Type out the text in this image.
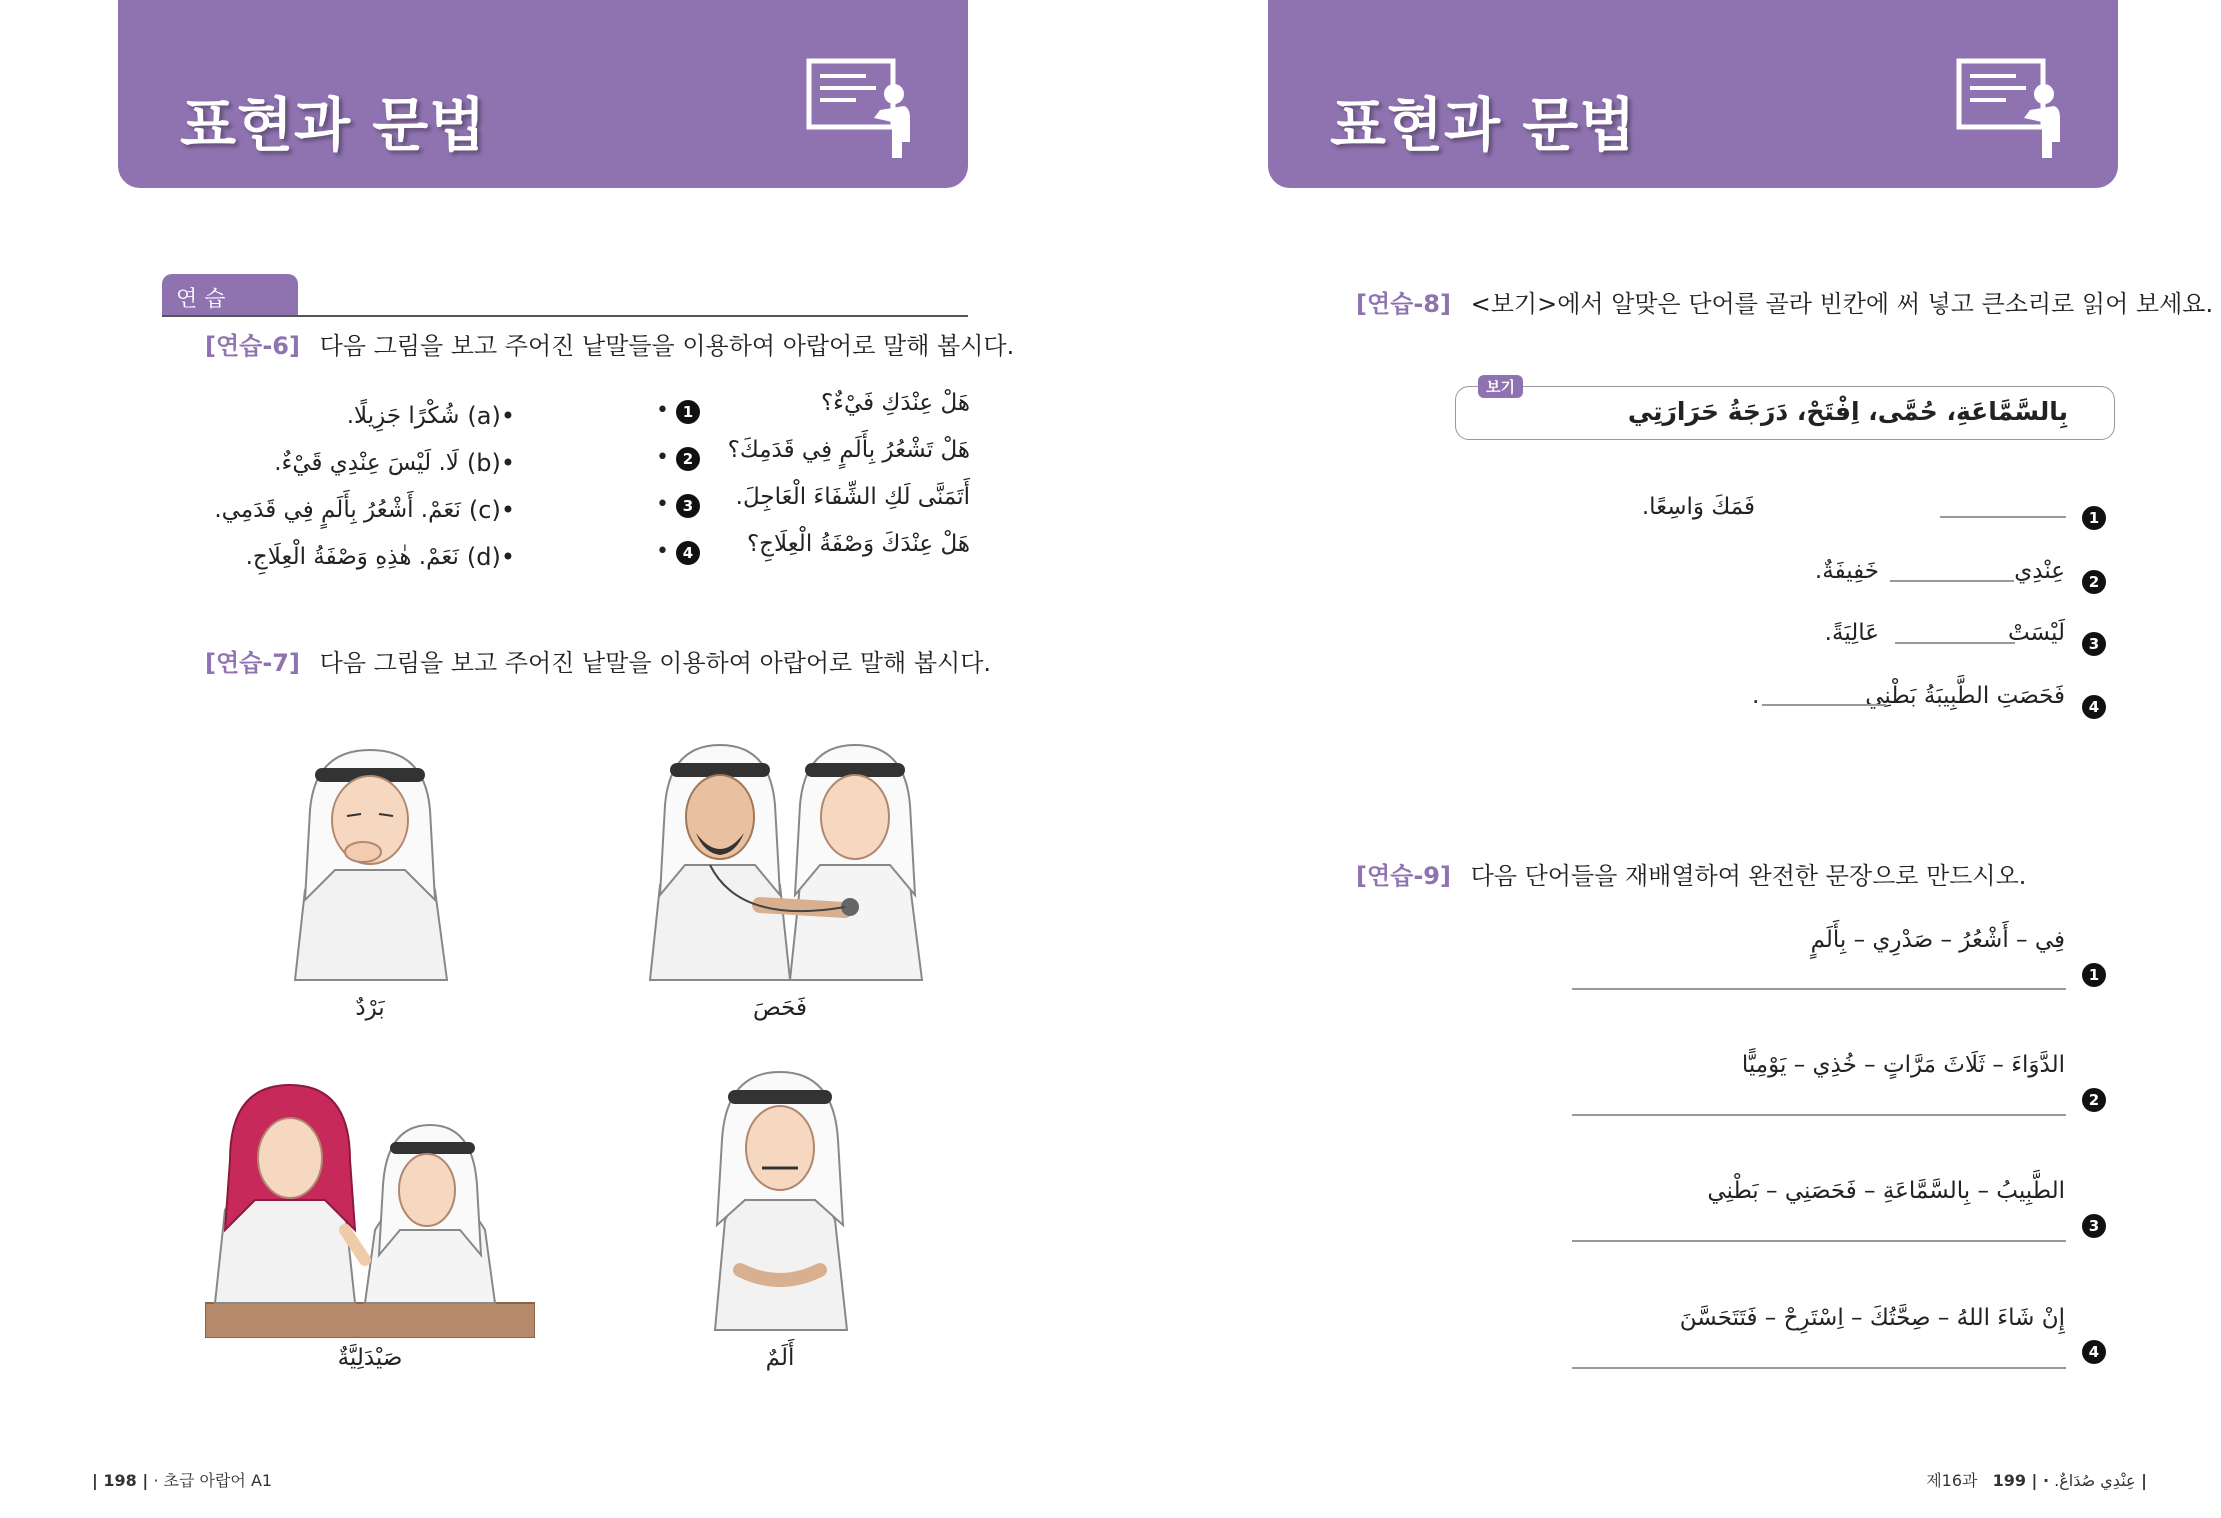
표현과 문법
연 습
[연습-6] 다음 그림을 보고 주어진 낱말들을 이용하여 아랍어로 말해 봅시다.
هَلْ عِنْدَكِ فَيْءٌ؟
هَلْ تَشْعُرُ بِأَلَمٍ فِي قَدَمِكَ؟
أَتَمَنَّى لَكِ الشِّفَاءَ الْعَاجِلَ.
هَلْ عِنْدَكَ وَصْفَةُ الْعِلَاجِ؟
• 1
• 2
• 3
• 4
شُكْرًا جَزِيلًا. (a)•
لَا. لَيْسَ عِنْدِي قَيْءٌ. (b)•
نَعَمْ. أَشْعُرُ بِأَلَمٍ فِي قَدَمِي. (c)•
نَعَمْ. هٰذِهِ وَصْفَةُ الْعِلَاجِ. (d)•
[연습-7] 다음 그림을 보고 주어진 낱말을 이용하여 아랍어로 말해 봅시다.
بَرْدٌ	فَحَصَ
صَيْدَلِيَّةٌ	أَلَمٌ
| 198 | · 초급 아랍어 A1
표현과 문법
[연습-8] <보기>에서 알맞은 단어를 골라 빈칸에 써 넣고 큰소리로 읽어 보세요.
보기
بِالسَّمَّاعَةِ، حُمَّى، اِفْتَحْ، دَرَجَةُ حَرَارَتِي
1
فَمَكَ وَاسِعًا.
2
عِنْدِي
خَفِيفَةٌ.
3
لَيْسَتْ
عَالِيَةً.
4
فَحَصَتِ الطَّبِيبَةُ بَطْنِي
.
[연습-9] 다음 단어들을 재배열하여 완전한 문장으로 만드시오.
فِي – أَشْعُرُ – صَدْرِي – بِأَلَمٍ
1
الدَّوَاءَ – ثَلَاثَ مَرَّاتٍ – خُذِي – يَوْمِيًّا
2
الطَّبِيبُ – بِالسَّمَّاعَةِ – فَحَصَنِي – بَطْنِي
3
إِنْ شَاءَ اللهُ – صِحَّتُكَ – اِسْتَرِحْ – فَتَتَحَسَّنَ
4
제16과 عِنْدِي صُدَاعٌ. · | 199 |
